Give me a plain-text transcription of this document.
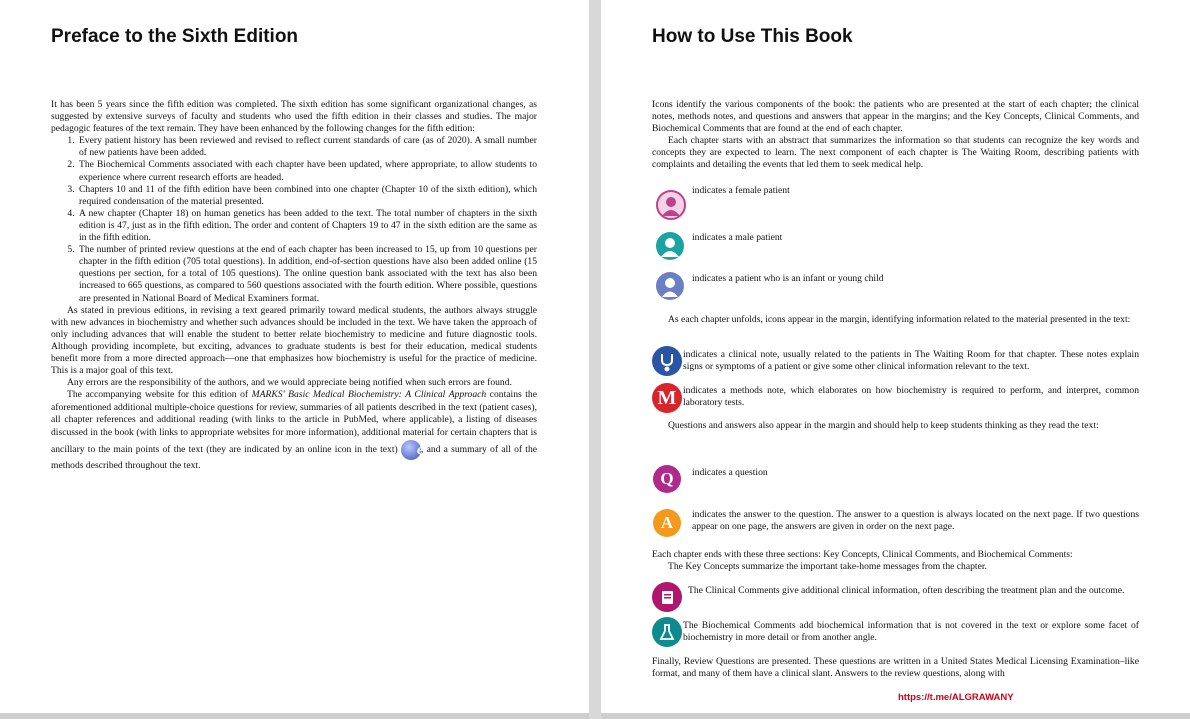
Preface to the Sixth Edition

It has been 5 years since the fifth edition was completed. The sixth edition has some significant organizational changes, as suggested by extensive surveys of faculty and students who used the fifth edition in their classes and studies. The major pedagogic features of the text remain. They have been enhanced by the following changes for the fifth edition:

1. Every patient history has been reviewed and revised to reflect current standards of care (as of 2020). A small number of new patients have been added.
2. The Biochemical Comments associated with each chapter have been updated, where appropriate, to allow students to experience where current research efforts are headed.
3. Chapters 10 and 11 of the fifth edition have been combined into one chapter (Chapter 10 of the sixth edition), which required condensation of the material presented.
4. A new chapter (Chapter 18) on human genetics has been added to the text. The total number of chapters in the sixth edition is 47, just as in the fifth edition. The order and content of Chapters 19 to 47 in the sixth edition are the same as in the fifth edition.
5. The number of printed review questions at the end of each chapter has been increased to 15, up from 10 questions per chapter in the fifth edition (705 total questions). In addition, end-of-section questions have also been added online (15 questions per section, for a total of 105 questions). The online question bank associated with the text has also been increased to 665 questions, as compared to 560 questions associated with the fourth edition. Where possible, questions are presented in National Board of Medical Examiners format.

As stated in previous editions, in revising a text geared primarily toward medical students, the authors always struggle with new advances in biochemistry and whether such advances should be included in the text. We have taken the approach of only including advances that will enable the student to better relate biochemistry to medicine and future diagnostic tools. Although providing incomplete, but exciting, advances to graduate students is best for their education, medical students benefit more from a more directed approach—one that emphasizes how biochemistry is useful for the practice of medicine. This is a major goal of this text.

Any errors are the responsibility of the authors, and we would appreciate being notified when such errors are found.

The accompanying website for this edition of MARKS' Basic Medical Biochemistry: A Clinical Approach contains the aforementioned additional multiple-choice questions for review, summaries of all patients described in the text (patient cases), all chapter references and additional reading (with links to the article in PubMed, where applicable), a listing of diseases discussed in the book (with links to appropriate websites for more information), additional material for certain chapters that is ancillary to the main points of the text (they are indicated by an online icon in the text) e, and a summary of all of the methods described throughout the text.

How to Use This Book

Icons identify the various components of the book: the patients who are presented at the start of each chapter; the clinical notes, methods notes, and questions and answers that appear in the margins; and the Key Concepts, Clinical Comments, and Biochemical Comments that are found at the end of each chapter.

Each chapter starts with an abstract that summarizes the information so that students can recognize the key words and concepts they are expected to learn. The next component of each chapter is The Waiting Room, describing patients with complaints and detailing the events that led them to seek medical help.

indicates a female patient
indicates a male patient
indicates a patient who is an infant or young child
As each chapter unfolds, icons appear in the margin, identifying information related to the material presented in the text:
indicates a clinical note, usually related to the patients in The Waiting Room for that chapter. These notes explain signs or symptoms of a patient or give some other clinical information relevant to the text.
M indicates a methods note, which elaborates on how biochemistry is required to perform, and interpret, common laboratory tests.
Questions and answers also appear in the margin and should help to keep students thinking as they read the text:
Q	indicates a question
A	indicates the answer to the question. The answer to a question is always located on the next page. If two questions appear on one page, the answers are given in order on the next page.

Each chapter ends with these three sections: Key Concepts, Clinical Comments, and Biochemical Comments:

The Key Concepts summarize the important take-home messages from the chapter.

The Clinical Comments give additional clinical information, often describing the treatment plan and the outcome.
The Biochemical Comments add biochemical information that is not covered in the text or explore some facet of biochemistry in more detail or from another angle.
Finally, Review Questions are presented. These questions are written in a United States Medical Licensing Examination–like format, and many of them have a clinical slant. Answers to the review questions, along with
https://t.me/ALGRAWANY
